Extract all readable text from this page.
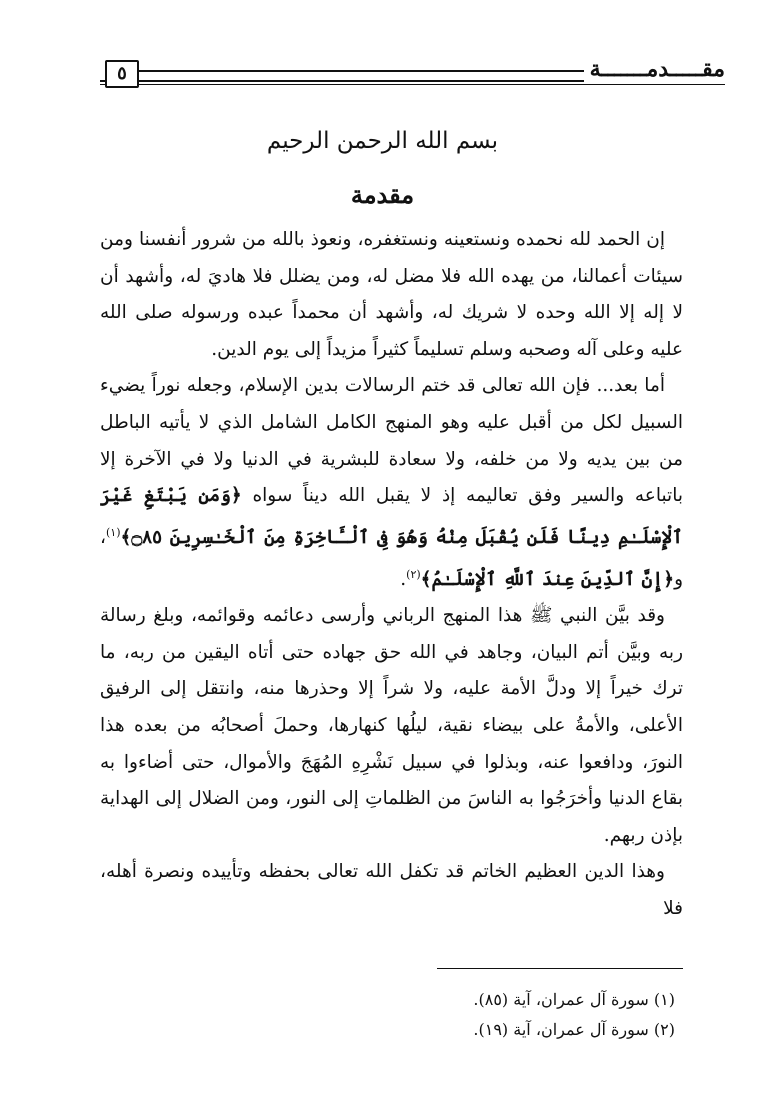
٥	مقـــــدمـــــــة
بسم الله الرحمن الرحيم
مقدمة

إن الحمد لله نحمده ونستعينه ونستغفره، ونعوذ بالله من شرور أنفسنا ومن سيئات أعمالنا، من يهده الله فلا مضل له، ومن يضلل فلا هاديَ له، وأشهد أن لا إله إلا الله وحده لا شريك له، وأشهد أن محمداً عبده ورسوله صلى الله عليه وعلى آله وصحبه وسلم تسليماً كثيراً مزيداً إلى يوم الدين.

أما بعد... فإن الله تعالى قد ختم الرسالات بدين الإسلام، وجعله نوراً يضيء السبيل لكل من أقبل عليه وهو المنهج الكامل الشامل الذي لا يأتيه الباطل من بين يديه ولا من خلفه، ولا سعادة للبشرية في الدنيا ولا في الآخرة إلا باتباعه والسير وفق تعاليمه إذ لا يقبل الله ديناً سواه ﴿وَمَن يَبْتَغِ غَيْرَ ٱلْإِسْلَـٰمِ دِينًا فَلَن يُقْبَلَ مِنْهُ وَهُوَ فِى ٱلْـَٔاخِرَةِ مِنَ ٱلْخَـٰسِرِينَ ۝٨٥﴾$^{(١)}$، و﴿إِنَّ ٱلدِّينَ عِندَ ٱللَّهِ ٱلْإِسْلَـٰمُ﴾$^{(٢)}$.

وقد بيَّن النبي ﷺ هذا المنهج الرباني وأرسى دعائمه وقوائمه، وبلغ رسالة ربه وبيَّن أتم البيان، وجاهد في الله حق جهاده حتى أتاه اليقين من ربه، ما ترك خيراً إلا ودلَّ الأمة عليه، ولا شراً إلا وحذرها منه، وانتقل إلى الرفيق الأعلى، والأمةُ على بيضاء نقية، ليلُها كنهارها، وحملَ أصحابُه من بعده هذا النورَ، ودافعوا عنه، وبذلوا في سبيل نَشْرِهِ المُهَجَ والأموال، حتى أضاءوا به بقاع الدنيا وأخرَجُوا به الناسَ من الظلماتِ إلى النور، ومن الضلال إلى الهداية بإذن ربهم.

وهذا الدين العظيم الخاتم قد تكفل الله تعالى بحفظه وتأييده ونصرة أهله، فلا

(١) سورة آل عمران، آية (٨٥).
(٢) سورة آل عمران، آية (١٩).
